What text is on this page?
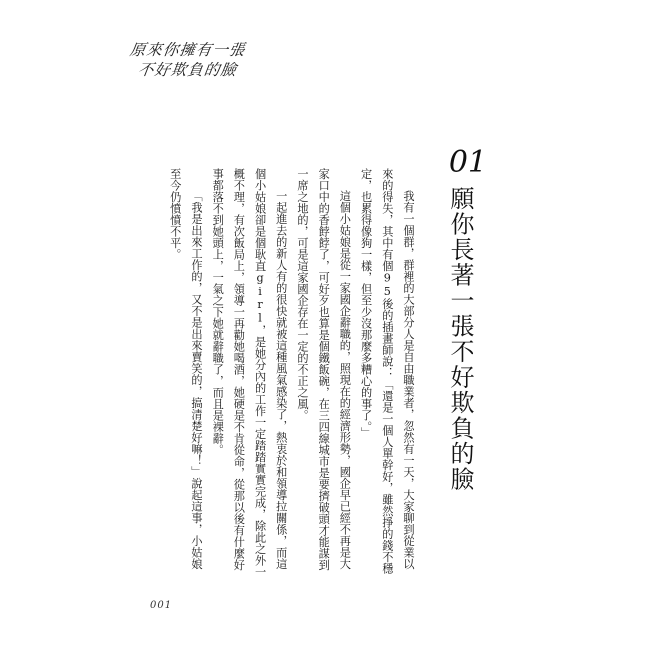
原來你擁有一張
不好欺負的臉
01
願你長著一張不好欺負的臉

我有一個群，群裡的大部分人是自由職業者，忽然有一天，大家聊到從業以來的得失，其中有個95後的插畫師說：「還是一個人單幹好，雖然掙的錢不穩定，也累得像狗一樣，但至少沒那麼多糟心的事了。」

這個小姑娘是從一家國企辭職的，照現在的經濟形勢，國企早已經不再是大家口中的香餑餑了，可好歹也算是個鐵飯碗，在三四線城市是要擠破頭才能謀到一席之地的，可是這家國企存在一定的不正之風。

一起進去的新人有的很快就被這種風氣感染了，熱衷於和領導拉關係，而這個小姑娘卻是個耿直girl，是她分內的工作一定踏踏實實完成，除此之外一概不理，有次飯局上，領導一再勸她喝酒，她硬是不肯從命，從那以後有什麼好事都落不到她頭上，一氣之下她就辭職了，而且是裸辭。

「我是出來工作的，又不是出來賣笑的，搞清楚好嘛！」說起這事，小姑娘至今仍憤憤不平。

001
